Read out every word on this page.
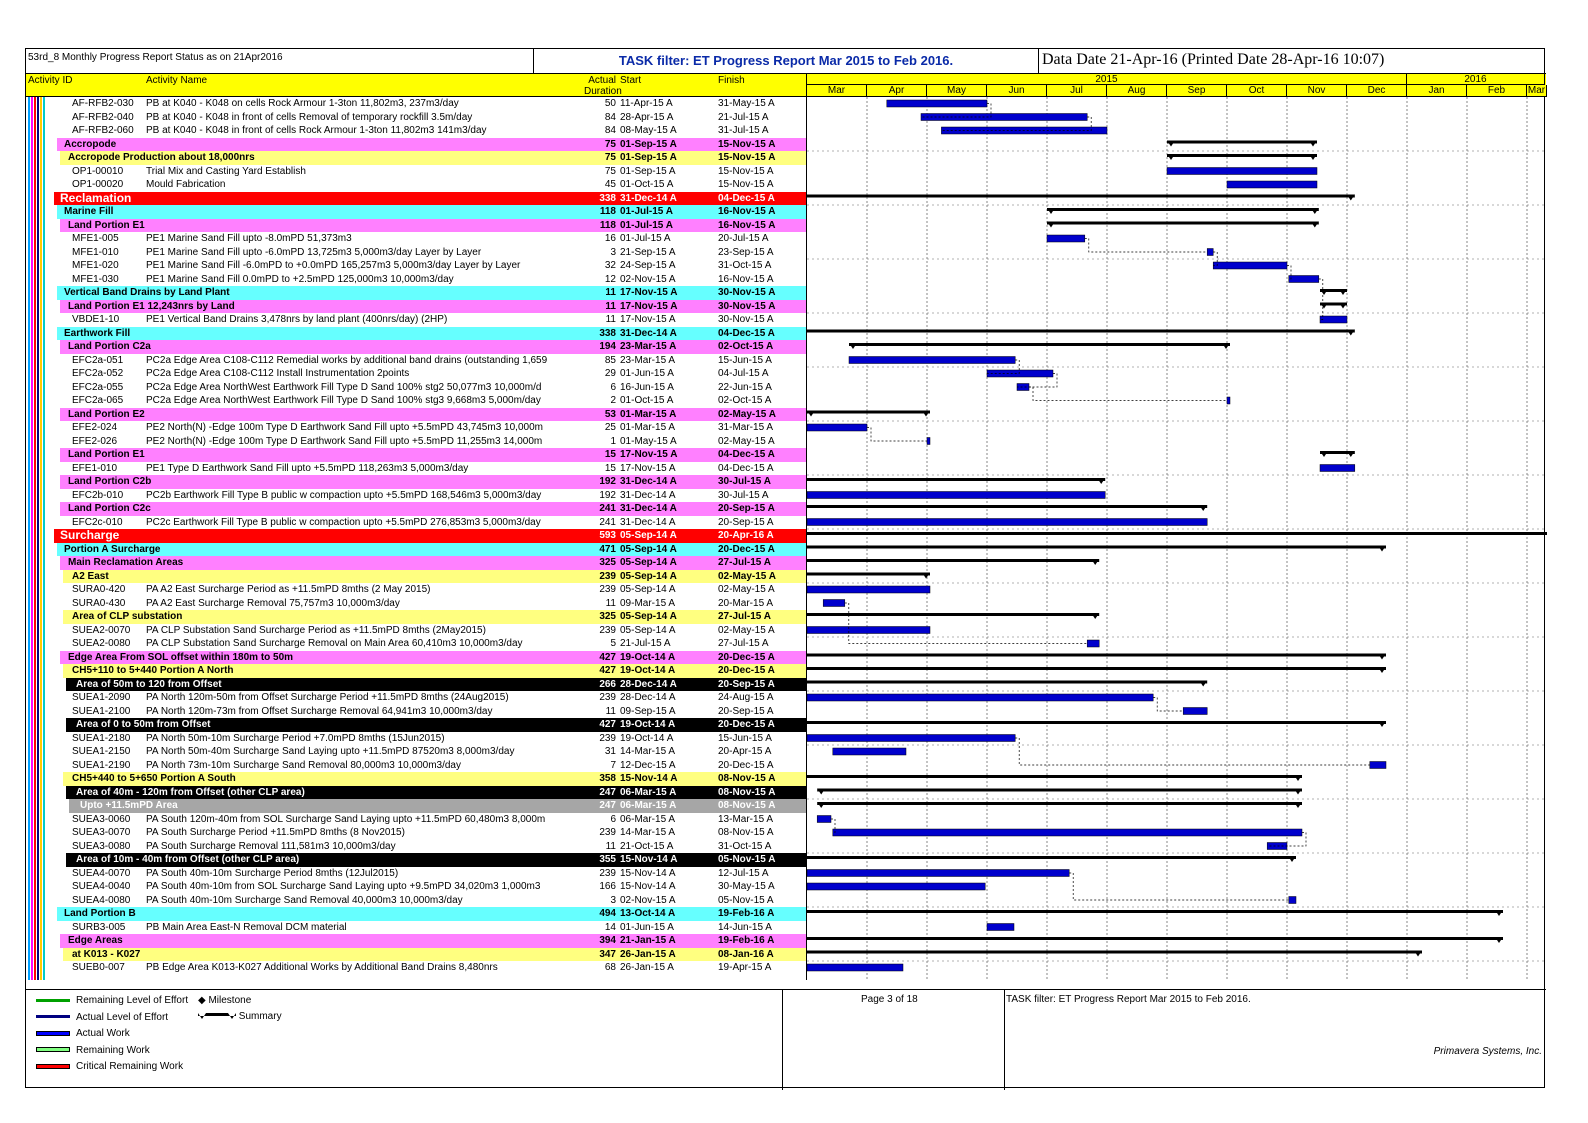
53rd_8 Monthly Progress Report Status as on 21Apr2016	TASK filter: ET Progress Report Mar 2015 to Feb 2016.	Data Date 21-Apr-16 (Printed Date 28-Apr-16 10:07)
Activity ID	Activity Name	Actual
Duration
Start	Finish	2015	2016
Mar	Apr	May	Jun	Jul	Aug	Sep	Oct	Nov	Dec	Jan	Feb	Mar
AF-RFB2-030	PB at K040 - K048 on cells Rock Armour 1-3ton 11,802m3, 237m3/day	50 11-Apr-15 A	31-May-15 A
AF-RFB2-040	PB at K040 - K048 in front of cells Removal of temporary rockfill 3.5m/day	84 28-Apr-15 A	21-Jul-15 A
AF-RFB2-060	PB at K040 - K048 in front of cells Rock Armour 1-3ton 11,802m3 141m3/day	84 08-May-15 A	31-Jul-15 A
Accropode	75 01-Sep-15 A	15-Nov-15 A
Accropode Production about 18,000nrs	75 01-Sep-15 A	15-Nov-15 A
OP1-00010	Trial Mix and Casting Yard Establish	75 01-Sep-15 A	15-Nov-15 A
OP1-00020	Mould Fabrication	45 01-Oct-15 A	15-Nov-15 A
Reclamation	338 31-Dec-14 A	04-Dec-15 A
Marine Fill	118 01-Jul-15 A	16-Nov-15 A
Land Portion E1	118 01-Jul-15 A	16-Nov-15 A
MFE1-005	PE1 Marine Sand Fill upto -8.0mPD 51,373m3	16 01-Jul-15 A	20-Jul-15 A
MFE1-010	PE1 Marine Sand Fill upto -6.0mPD 13,725m3 5,000m3/day Layer by Layer	3 21-Sep-15 A	23-Sep-15 A
MFE1-020	PE1 Marine Sand Fill -6.0mPD to +0.0mPD 165,257m3 5,000m3/day Layer by Layer	32 24-Sep-15 A	31-Oct-15 A
MFE1-030	PE1 Marine Sand Fill 0.0mPD to +2.5mPD 125,000m3 10,000m3/day	12 02-Nov-15 A	16-Nov-15 A
Vertical Band Drains by Land Plant	11 17-Nov-15 A	30-Nov-15 A
Land Portion E1 12,243nrs by Land	11 17-Nov-15 A	30-Nov-15 A
VBDE1-10	PE1 Vertical Band Drains 3,478nrs by land plant (400nrs/day) (2HP)	11 17-Nov-15 A	30-Nov-15 A
Earthwork Fill	338 31-Dec-14 A	04-Dec-15 A
Land Portion C2a	194 23-Mar-15 A	02-Oct-15 A
EFC2a-051	PC2a Edge Area C108-C112 Remedial works by additional band drains (outstanding 1,659	85 23-Mar-15 A	15-Jun-15 A
EFC2a-052	PC2a Edge Area C108-C112 Install Instrumentation 2points	29 01-Jun-15 A	04-Jul-15 A
EFC2a-055	PC2a Edge Area NorthWest Earthwork Fill Type D Sand 100% stg2 50,077m3 10,000m/d	6 16-Jun-15 A	22-Jun-15 A
EFC2a-065	PC2a Edge Area NorthWest Earthwork Fill Type D Sand 100% stg3 9,668m3 5,000m/day	2 01-Oct-15 A	02-Oct-15 A
Land Portion E2	53 01-Mar-15 A	02-May-15 A
EFE2-024	PE2 North(N) -Edge 100m Type D Earthwork Sand Fill upto +5.5mPD 43,745m3 10,000m	25 01-Mar-15 A	31-Mar-15 A
EFE2-026	PE2 North(N) -Edge 100m Type D Earthwork Sand Fill upto +5.5mPD 11,255m3 14,000m	1 01-May-15 A	02-May-15 A
Land Portion E1	15 17-Nov-15 A	04-Dec-15 A
EFE1-010	PE1 Type D Earthwork Sand Fill upto +5.5mPD 118,263m3 5,000m3/day	15 17-Nov-15 A	04-Dec-15 A
Land Portion C2b	192 31-Dec-14 A	30-Jul-15 A
EFC2b-010	PC2b Earthwork Fill Type B public w compaction upto +5.5mPD 168,546m3 5,000m3/day	192 31-Dec-14 A	30-Jul-15 A
Land Portion C2c	241 31-Dec-14 A	20-Sep-15 A
EFC2c-010	PC2c Earthwork Fill Type B public w compaction upto +5.5mPD 276,853m3 5,000m3/day	241 31-Dec-14 A	20-Sep-15 A
Surcharge	593 05-Sep-14 A	20-Apr-16 A
Portion A Surcharge	471 05-Sep-14 A	20-Dec-15 A
Main Reclamation Areas	325 05-Sep-14 A	27-Jul-15 A
A2 East	239 05-Sep-14 A	02-May-15 A
SURA0-420	PA A2 East Surcharge Period as +11.5mPD 8mths (2 May 2015)	239 05-Sep-14 A	02-May-15 A
SURA0-430	PA A2 East Surcharge Removal 75,757m3 10,000m3/day	11 09-Mar-15 A	20-Mar-15 A
Area of CLP substation	325 05-Sep-14 A	27-Jul-15 A
SUEA2-0070	PA CLP Substation Sand Surcharge Period as +11.5mPD 8mths (2May2015)	239 05-Sep-14 A	02-May-15 A
SUEA2-0080	PA CLP Substation Sand Surcharge Removal on Main Area 60,410m3 10,000m3/day	5 21-Jul-15 A	27-Jul-15 A
Edge Area From SOL offset within 180m to 50m	427 19-Oct-14 A	20-Dec-15 A
CH5+110 to 5+440 Portion A North	427 19-Oct-14 A	20-Dec-15 A
Area of 50m to 120 from Offset	266 28-Dec-14 A	20-Sep-15 A
SUEA1-2090	PA North 120m-50m from Offset Surcharge Period +11.5mPD 8mths (24Aug2015)	239 28-Dec-14 A	24-Aug-15 A
SUEA1-2100	PA North 120m-73m from Offset Surcharge Removal 64,941m3 10,000m3/day	11 09-Sep-15 A	20-Sep-15 A
Area of 0 to 50m from Offset	427 19-Oct-14 A	20-Dec-15 A
SUEA1-2180	PA North 50m-10m Surcharge Period +7.0mPD 8mths (15Jun2015)	239 19-Oct-14 A	15-Jun-15 A
SUEA1-2150	PA North 50m-40m Surcharge Sand Laying upto +11.5mPD 87520m3 8,000m3/day	31 14-Mar-15 A	20-Apr-15 A
SUEA1-2190	PA North 73m-10m Surcharge Sand Removal 80,000m3 10,000m3/day	7 12-Dec-15 A	20-Dec-15 A
CH5+440 to 5+650 Portion A South	358 15-Nov-14 A	08-Nov-15 A
Area of 40m - 120m from Offset (other CLP area)	247 06-Mar-15 A	08-Nov-15 A
Upto +11.5mPD Area	247 06-Mar-15 A	08-Nov-15 A
SUEA3-0060	PA South 120m-40m from SOL Surcharge Sand Laying upto +11.5mPD 60,480m3 8,000m	6 06-Mar-15 A	13-Mar-15 A
SUEA3-0070	PA South Surcharge Period +11.5mPD 8mths (8 Nov2015)	239 14-Mar-15 A	08-Nov-15 A
SUEA3-0080	PA South Surcharge Removal 111,581m3 10,000m3/day	11 21-Oct-15 A	31-Oct-15 A
Area of 10m - 40m from Offset (other CLP area)	355 15-Nov-14 A	05-Nov-15 A
SUEA4-0070	PA South 40m-10m Surcharge Period 8mths (12Jul2015)	239 15-Nov-14 A	12-Jul-15 A
SUEA4-0040	PA South 40m-10m from SOL Surcharge Sand Laying upto +9.5mPD 34,020m3 1,000m3	166 15-Nov-14 A	30-May-15 A
SUEA4-0080	PA South 40m-10m Surcharge Sand Removal 40,000m3 10,000m3/day	3 02-Nov-15 A	05-Nov-15 A
Land Portion B	494 13-Oct-14 A	19-Feb-16 A
SURB3-005	PB Main Area East-N Removal DCM material	14 01-Jun-15 A	14-Jun-15 A
Edge Areas	394 21-Jan-15 A	19-Feb-16 A
at K013 - K027	347 26-Jan-15 A	08-Jan-16 A
SUEB0-007	PB Edge Area K013-K027 Additional Works by Additional Band Drains 8,480nrs	68 26-Jan-15 A	19-Apr-15 A
Remaining Level of Effort
Actual Level of Effort
Actual Work
Remaining Work
Critical Remaining Work
◆ Milestone
Summary
Page 3 of 18	TASK filter: ET Progress Report Mar 2015 to Feb 2016.
Primavera Systems, Inc.
